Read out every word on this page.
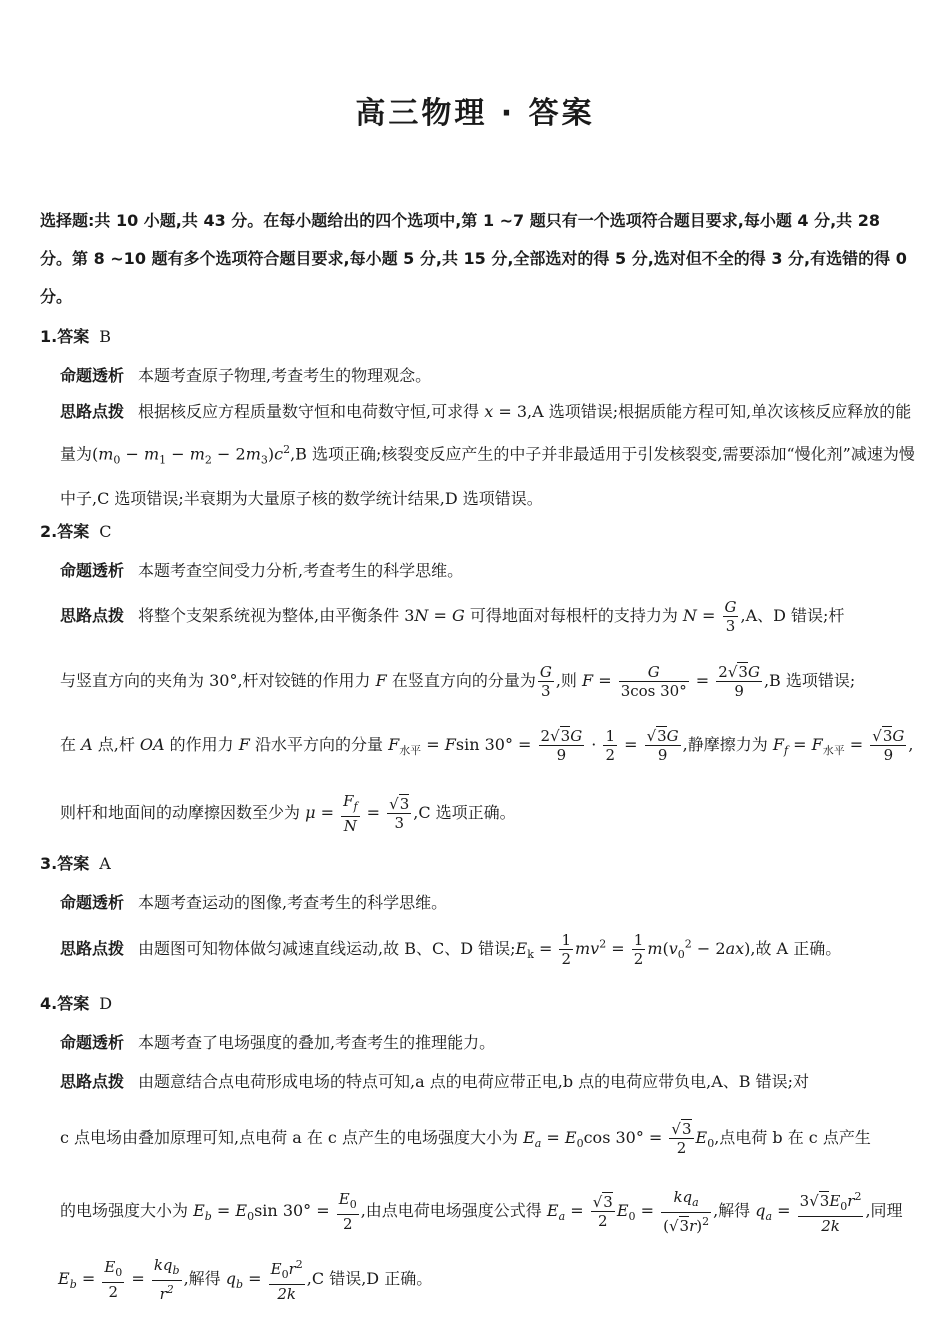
高三物理 · 答案
选择题:共 10 小题,共 43 分。在每小题给出的四个选项中,第 1 ~7 题只有一个选项符合题目要求,每小题 4 分,共 28 分。第 8 ~10 题有多个选项符合题目要求,每小题 5 分,共 15 分,全部选对的得 5 分,选对但不全的得 3 分,有选错的得 0 分。
1.答案 B
命题透析 本题考查原子物理,考查考生的物理观念。
思路点拨 根据核反应方程质量数守恒和电荷数守恒,可求得 x = 3,A 选项错误;根据质能方程可知,单次该核反应释放的能量为$(m_0 - m_1 - m_2 - 2m_3)c^2,B$ 选项正确;核裂变反应产生的中子并非最适用于引发核裂变,需要添加“慢化剂”减速为慢中子,C 选项错误;半衰期为大量原子核的数学统计结果,D 选项错误。
2.答案 C
命题透析 本题考查空间受力分析,考查考生的科学思维。
思路点拨 将整个支架系统视为整体,由平衡条件 3N = G 可得地面对每根杆的支持力为 $N = \frac{G}{3} ,A$、D 错误;杆
与竖直方向的夹角为 30°,杆对铰链的作用力 F 在竖直方向的分量为 $\frac{G}{3}$ ,则 $F = \frac{G}{3\cos 30^\circ} = \frac{2√3G}{9} ,B$ 选项错误;
在 A 点,杆 OA 的作用力 F 沿水平方向的分量 $F_{水平} = Fsin$ $30^\circ = \frac{2√3G}{9} \cdot \frac{1}{2} = \frac{√3G}{9}$ ,静摩擦力为 $F_f = F_{水平} = \frac{√3G}{9}$ ,
则杆和地面间的动摩擦因数至少为 $\mu = \frac{F_f}{N} = \frac{√3}{3} ,C$ 选项正确。
3.答案 A
命题透析 本题考查运动的图像,考查考生的科学思维。
思路点拨 由题图可知物体做匀减速直线运动,故 B、C、D 错误$;E_k = \frac{1}{2} mv^2 = \frac{1}{2} m(v_0^2 - 2ax)$,故 A 正确。
4.答案 D
命题透析 本题考查了电场强度的叠加,考查考生的推理能力。
思路点拨 由题意结合点电荷形成电场的特点可知,a 点的电荷应带正电,b 点的电荷应带负电,A、B 错误;对
c 点电场由叠加原理可知,点电荷 a 在 c 点产生的电场强度大小为 $E_a = E_0\cos$ $30^\circ = \frac{√3}{2} E_0$,点电荷 b 在 c 点产生
的电场强度大小为 $E_b = E_0\sin$ $30^\circ = \frac{E_0}{2}$ ,由点电荷电场强度公式得 $E_a = \frac{√3}{2} E_0 = \frac{kq_a}{(√3r)^2}$ ,解得 $q_a = \frac{3√3E_0r^2}{2k}$ ,同理
$E_b = \frac{E_0}{2} = \frac{kq_b}{r^2}$ ,解得 $q_b = \frac{E_0r^2}{2k} ,C$ 错误,D 正确。
